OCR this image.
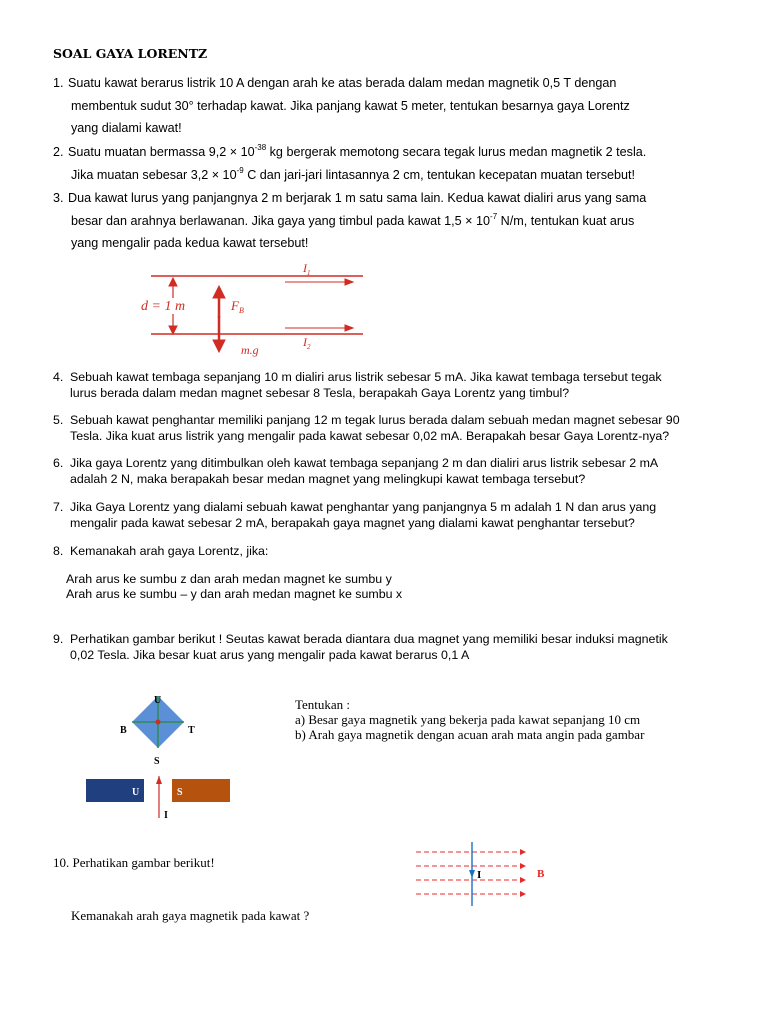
SOAL GAYA LORENTZ
1. Suatu kawat berarus listrik 10 A dengan arah ke atas berada dalam medan magnetik 0,5 T dengan
membentuk sudut 30° terhadap kawat. Jika panjang kawat 5 meter, tentukan besarnya gaya Lorentz
yang dialami kawat!
2. Suatu muatan bermassa $9,2 \times 10^{-38}$ kg bergerak memotong secara tegak lurus medan magnetik 2 tesla.
Jika muatan sebesar $3,2 \times 10^{-9}$ C dan jari-jari lintasannya 2 cm, tentukan kecepatan muatan tersebut!
3. Dua kawat lurus yang panjangnya 2 m berjarak 1 m satu sama lain. Kedua kawat dialiri arus yang sama
besar dan arahnya berlawanan. Jika gaya yang timbul pada kawat $1,5 \times 10^{-7}$ N/m, tentukan kuat arus
yang mengalir pada kedua kawat tersebut!
d = 1 m	$F_B$
m.g
$I_1$
$I_2$
4. Sebuah kawat tembaga sepanjang 10 m dialiri arus listrik sebesar 5 mA. Jika kawat tembaga tersebut tegak
lurus berada dalam medan magnet sebesar 8 Tesla, berapakah Gaya Lorentz yang timbul?
5. Sebuah kawat penghantar memiliki panjang 12 m tegak lurus berada dalam sebuah medan magnet sebesar 90
Tesla. Jika kuat arus listrik yang mengalir pada kawat sebesar 0,02 mA. Berapakah besar Gaya Lorentz-nya?
6. Jika gaya Lorentz yang ditimbulkan oleh kawat tembaga sepanjang 2 m dan dialiri arus listrik sebesar 2 mA
adalah 2 N, maka berapakah besar medan magnet yang melingkupi kawat tembaga tersebut?
7. Jika Gaya Lorentz yang dialami sebuah kawat penghantar yang panjangnya 5 m adalah 1 N dan arus yang
mengalir pada kawat sebesar 2 mA, berapakah gaya magnet yang dialami kawat penghantar tersebut?
8. Kemanakah arah gaya Lorentz, jika:
Arah arus ke sumbu z dan arah medan magnet ke sumbu y
Arah arus ke sumbu – y dan arah medan magnet ke sumbu x
9. Perhatikan gambar berikut ! Seutas kawat berada diantara dua magnet yang memiliki besar induksi magnetik
0,02 Tesla. Jika besar kuat arus yang mengalir pada kawat berarus 0,1 A
U
S
B	T
U	S
I
Tentukan :
a) Besar gaya magnetik yang bekerja pada kawat sepanjang 10 cm
b) Arah gaya magnetik dengan acuan arah mata angin pada gambar
10. Perhatikan gambar berikut!
I	B
Kemanakah arah gaya magnetik pada kawat ?
